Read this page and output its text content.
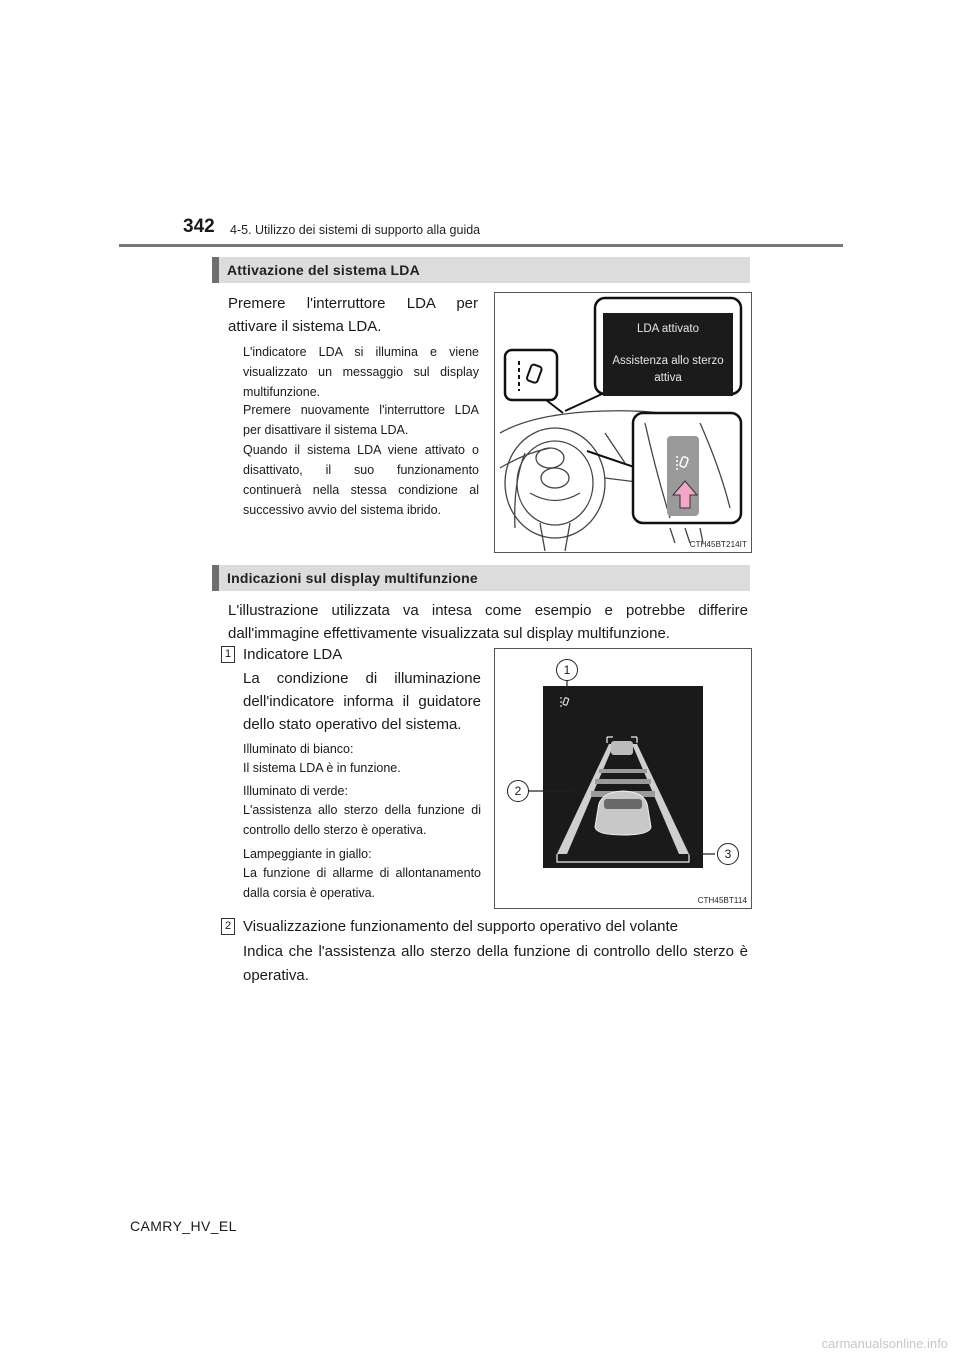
342 4-5. Utilizzo dei sistemi di supporto alla guida
Attivazione del sistema LDA
Premere l'interruttore LDA per attivare il sistema LDA.
L'indicatore LDA si illumina e viene visualizzato un messaggio sul display multifunzione.
Premere nuovamente l'interruttore LDA per disattivare il sistema LDA.
Quando il sistema LDA viene attivato o disattivato, il suo funzionamento continuerà nella stessa condizione al successivo avvio del sistema ibrido.
LDA attivato
Assistenza allo sterzo attiva
CTH45BT214IT
Indicazioni sul display multifunzione
L'illustrazione utilizzata va intesa come esempio e potrebbe differire dall'immagine effettivamente visualizzata sul display multifunzione.
1 Indicatore LDA
La condizione di illuminazione dell'indicatore informa il guidatore dello stato operativo del sistema.
Illuminato di bianco:
Il sistema LDA è in funzione.
Illuminato di verde:
L'assistenza allo sterzo della funzione di controllo dello sterzo è operativa.
Lampeggiante in giallo:
La funzione di allarme di allontanamento dalla corsia è operativa.
1
2
3
CTH45BT114
2 Visualizzazione funzionamento del supporto operativo del volante
Indica che l'assistenza allo sterzo della funzione di controllo dello sterzo è operativa.
CAMRY_HV_EL
carmanualsonline.info
